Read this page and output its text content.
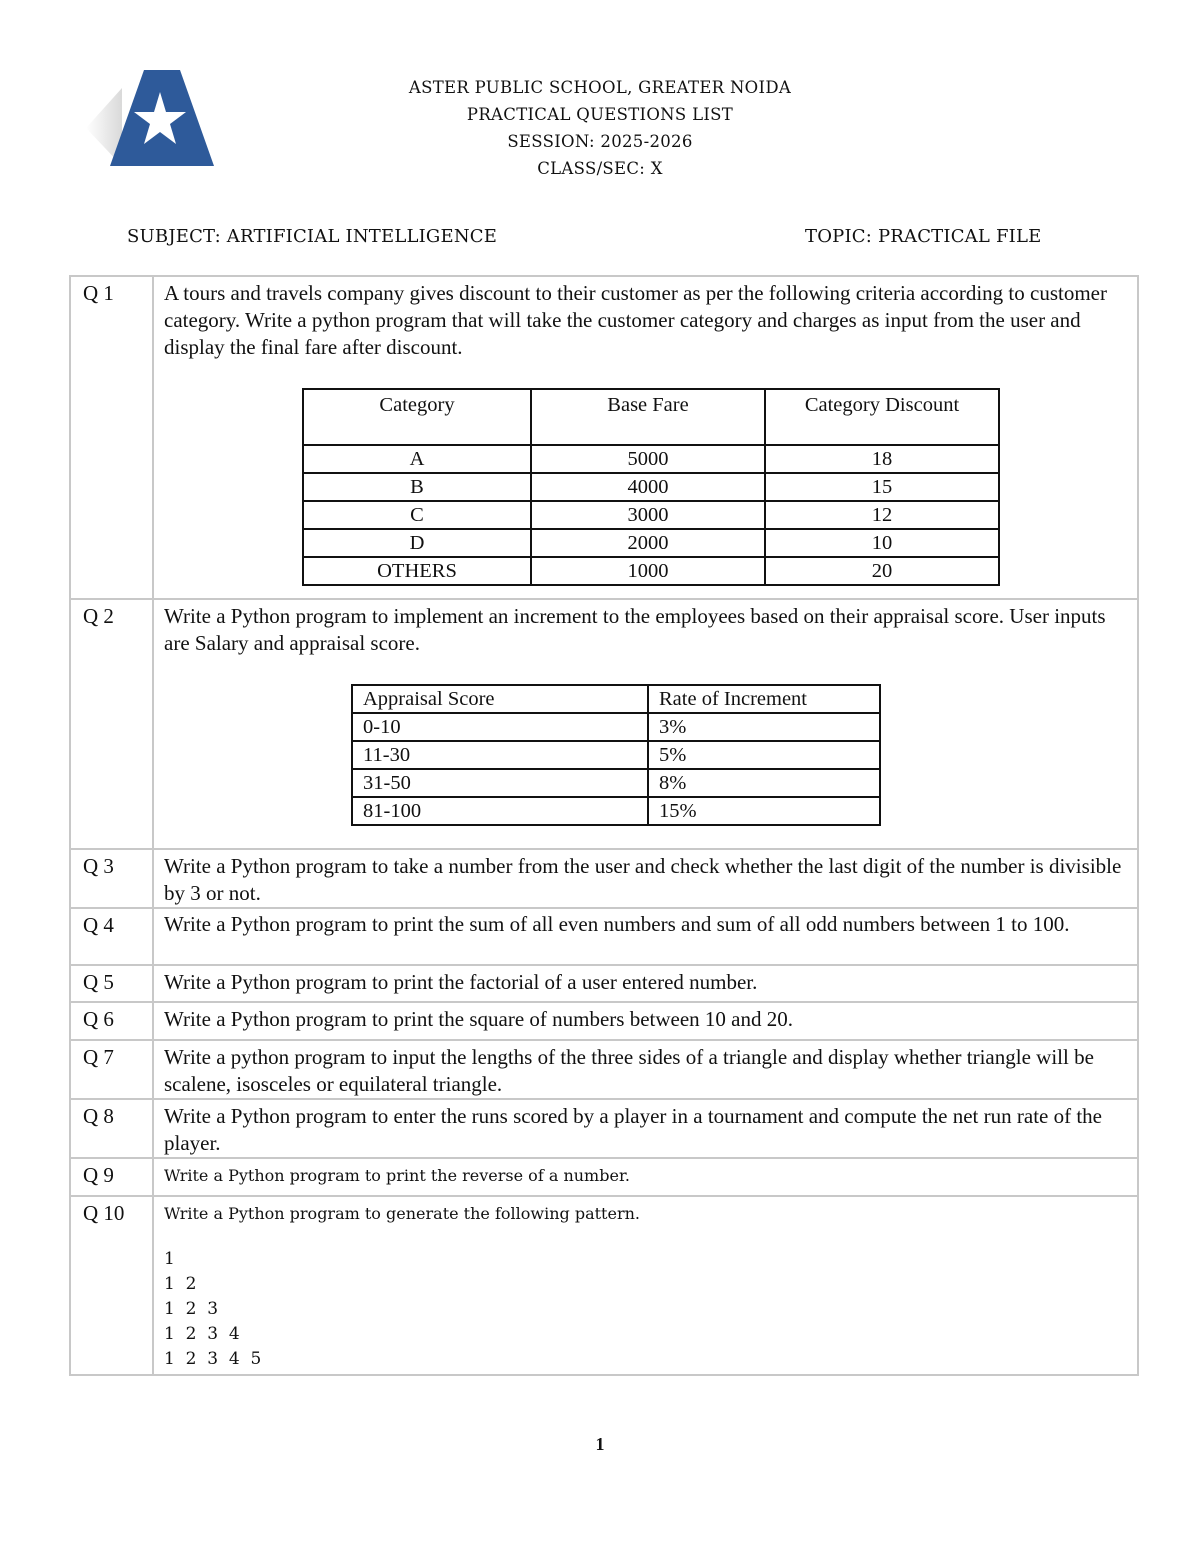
ASTER PUBLIC SCHOOL, GREATER NOIDA
PRACTICAL QUESTIONS LIST
SESSION: 2025-2026
CLASS/SEC: X
SUBJECT: ARTIFICIAL INTELLIGENCE	TOPIC: PRACTICAL FILE
Q 1	A tours and travels company gives discount to their customer as per the following criteria according to customer category. Write a python program that will take the customer category and charges as input from the user and display the final fare after discount.
Category	Base Fare	Category Discount
A	5000	18
B	4000	15
C	3000	12
D	2000	10
OTHERS	1000	20

Q 2	Write a Python program to implement an increment to the employees based on their appraisal score. User inputs are Salary and appraisal score.
Appraisal Score	Rate of Increment
0-10	3%
11-30	5%
31-50	8%
81-100	15%

Q 3	Write a Python program to take a number from the user and check whether the last digit of the number is divisible by 3 or not.
Q 4	Write a Python program to print the sum of all even numbers and sum of all odd numbers between 1 to 100.
Q 5	Write a Python program to print the factorial of a user entered number.
Q 6	Write a Python program to print the square of numbers between 10 and 20.
Q 7	Write a python program to input the lengths of the three sides of a triangle and display whether triangle will be scalene, isosceles or equilateral triangle.
Q 8	Write a Python program to enter the runs scored by a player in a tournament and compute the net run rate of the player.
Q 9	Write a Python program to print the reverse of a number.
Q 10	Write a Python program to generate the following pattern.
1
1  2
1  2  3
1  2  3  4
1  2  3  4  5
1
